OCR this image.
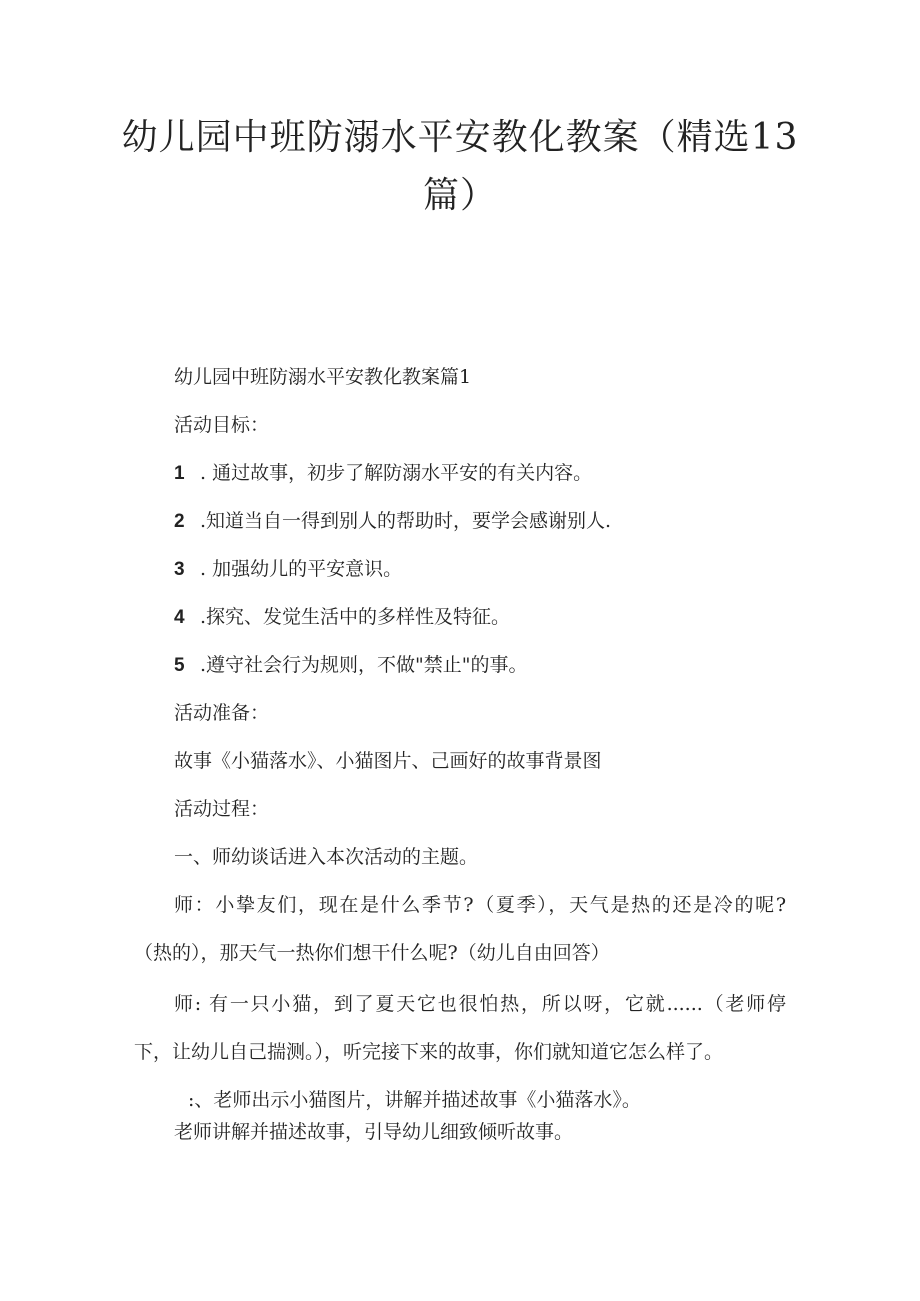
幼儿园中班防溺水平安教化教案（精选13
篇）

幼儿园中班防溺水平安教化教案篇1

活动目标：

1 . 通过故事，初步了解防溺水平安的有关内容。

2 .知道当自一得到别人的帮助时，要学会感谢别人.

3 . 加强幼儿的平安意识。

4 .探究、发觉生活中的多样性及特征。

5 .遵守社会行为规则，不做"禁止"的事。

活动准备：

故事《小猫落水》、小猫图片、己画好的故事背景图

活动过程：

一、师幼谈话进入本次活动的主题。

师：小挚友们，现在是什么季节?（夏季），天气是热的还是冷的呢?

（热的），那天气一热你们想干什么呢?（幼儿自由回答）

师: 有一只小猫，到了夏天它也很怕热，所以呀，它就......（老师停

下，让幼儿自己揣测。），听完接下来的故事，你们就知道它怎么样了。

:、老师出示小猫图片，讲解并描述故事《小猫落水》。

老师讲解并描述故事，引导幼儿细致倾听故事。
